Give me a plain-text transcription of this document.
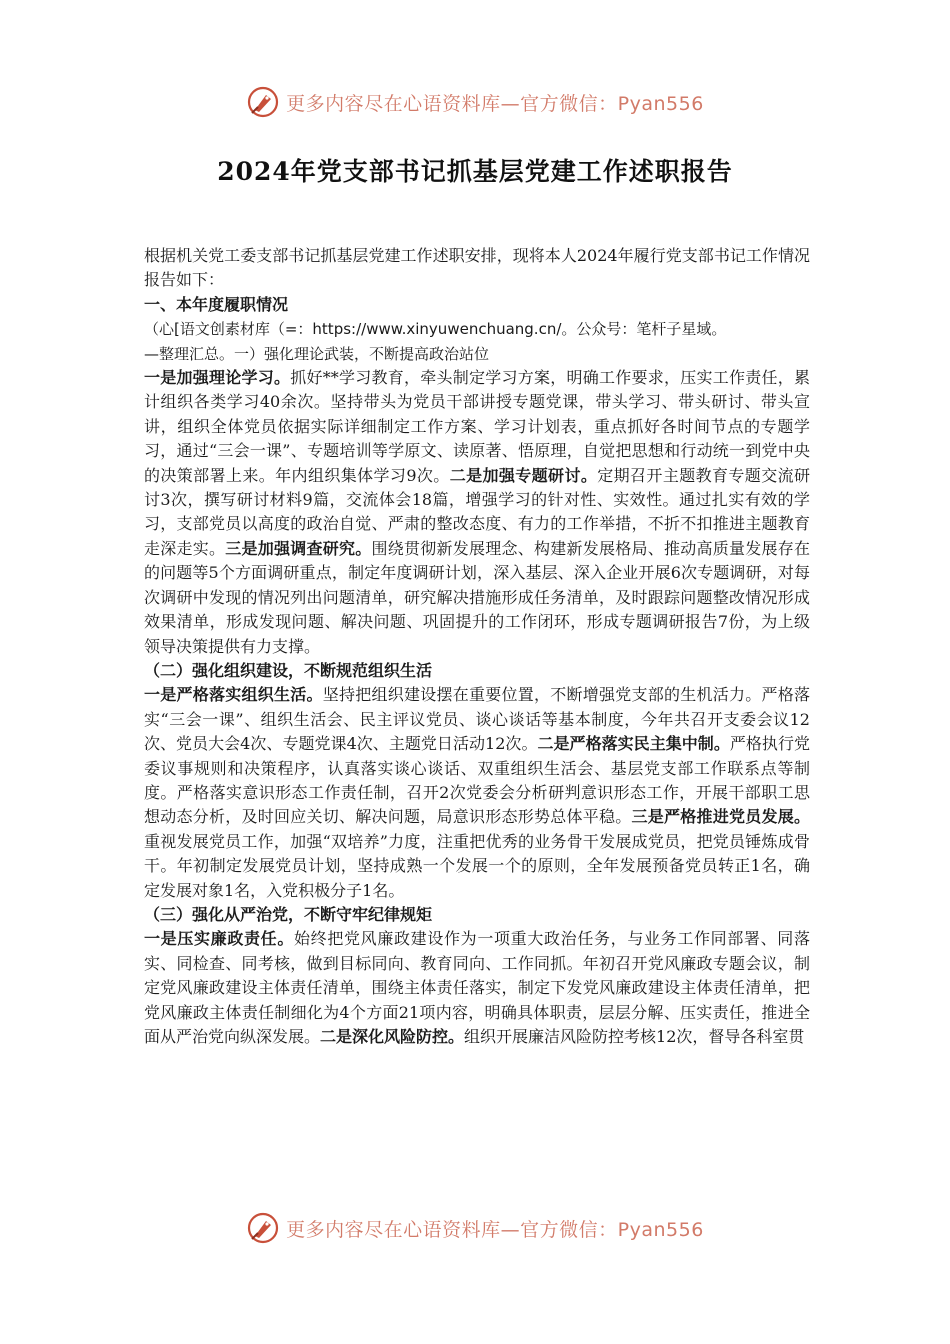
更多内容尽在心语资料库—官方微信：Pyan556
2024年党支部书记抓基层党建工作述职报告

根据机关党工委支部书记抓基层党建工作述职安排，现将本人2024年履行党支部书记工作情况报告如下：

一、本年度履职情况

（心[语文创素材库（=：https://www.xinyuwenchuang.cn/。公众号：笔杆子星域。

—整理汇总。一）强化理论武装，不断提高政治站位

一是加强理论学习。抓好**学习教育，牵头制定学习方案，明确工作要求，压实工作责任，累计组织各类学习40余次。坚持带头为党员干部讲授专题党课，带头学习、带头研讨、带头宣讲，组织全体党员依据实际详细制定工作方案、学习计划表，重点抓好各时间节点的专题学习，通过“三会一课”、专题培训等学原文、读原著、悟原理，自觉把思想和行动统一到党中央的决策部署上来。年内组织集体学习9次。二是加强专题研讨。定期召开主题教育专题交流研讨3次，撰写研讨材料9篇，交流体会18篇，增强学习的针对性、实效性。通过扎实有效的学习，支部党员以高度的政治自觉、严肃的整改态度、有力的工作举措，不折不扣推进主题教育走深走实。三是加强调查研究。围绕贯彻新发展理念、构建新发展格局、推动高质量发展存在的问题等5个方面调研重点，制定年度调研计划，深入基层、深入企业开展6次专题调研，对每次调研中发现的情况列出问题清单，研究解决措施形成任务清单，及时跟踪问题整改情况形成效果清单，形成发现问题、解决问题、巩固提升的工作闭环，形成专题调研报告7份，为上级领导决策提供有力支撑。

（二）强化组织建设，不断规范组织生活

一是严格落实组织生活。坚持把组织建设摆在重要位置，不断增强党支部的生机活力。严格落实“三会一课”、组织生活会、民主评议党员、谈心谈话等基本制度，今年共召开支委会议12次、党员大会4次、专题党课4次、主题党日活动12次。二是严格落实民主集中制。严格执行党委议事规则和决策程序，认真落实谈心谈话、双重组织生活会、基层党支部工作联系点等制度。严格落实意识形态工作责任制，召开2次党委会分析研判意识形态工作，开展干部职工思想动态分析，及时回应关切、解决问题，局意识形态形势总体平稳。三是严格推进党员发展。重视发展党员工作，加强“双培养”力度，注重把优秀的业务骨干发展成党员，把党员锤炼成骨干。年初制定发展党员计划，坚持成熟一个发展一个的原则，全年发展预备党员转正1名，确定发展对象1名，入党积极分子1名。

（三）强化从严治党，不断守牢纪律规矩

一是压实廉政责任。始终把党风廉政建设作为一项重大政治任务，与业务工作同部署、同落实、同检查、同考核，做到目标同向、教育同向、工作同抓。年初召开党风廉政专题会议，制定党风廉政建设主体责任清单，围绕主体责任落实，制定下发党风廉政建设主体责任清单，把党风廉政主体责任制细化为4个方面21项内容，明确具体职责，层层分解、压实责任，推进全面从严治党向纵深发展。二是深化风险防控。组织开展廉洁风险防控考核12次，督导各科室贯

更多内容尽在心语资料库—官方微信：Pyan556
